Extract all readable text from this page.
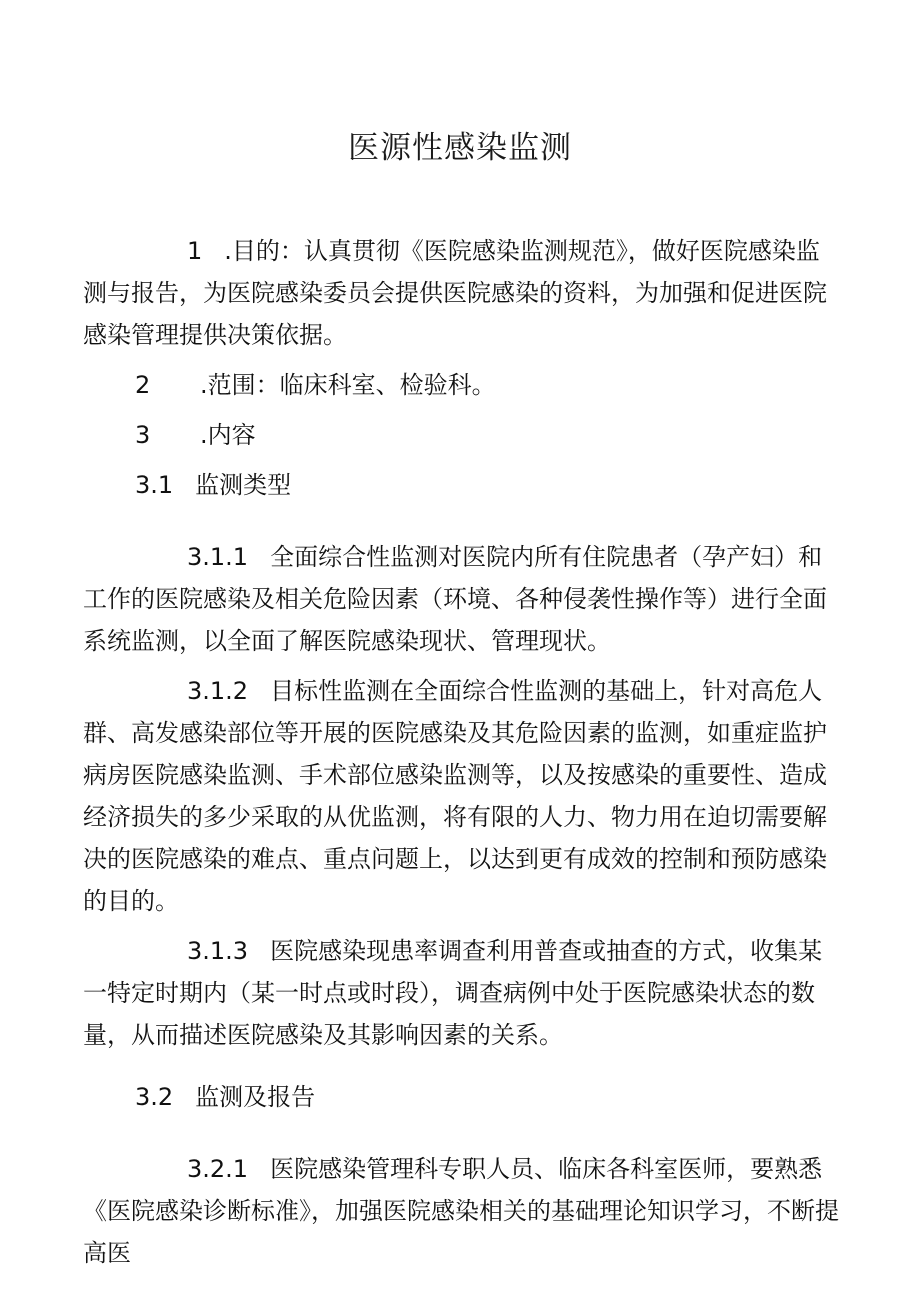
医源性感染监测

1 .目的：认真贯彻《医院感染监测规范》，做好医院感染监测与报告，为医院感染委员会提供医院感染的资料，为加强和促进医院感染管理提供决策依据。

2 .范围：临床科室、检验科。

3 .内容

3.1 监测类型

3.1.1 全面综合性监测对医院内所有住院患者（孕产妇）和工作的医院感染及相关危险因素（环境、各种侵袭性操作等）进行全面系统监测，以全面了解医院感染现状、管理现状。

3.1.2 目标性监测在全面综合性监测的基础上，针对高危人群、高发感染部位等开展的医院感染及其危险因素的监测，如重症监护病房医院感染监测、手术部位感染监测等，以及按感染的重要性、造成经济损失的多少采取的从优监测，将有限的人力、物力用在迫切需要解决的医院感染的难点、重点问题上，以达到更有成效的控制和预防感染的目的。

3.1.3 医院感染现患率调查利用普查或抽查的方式，收集某一特定时期内（某一时点或时段），调查病例中处于医院感染状态的数量，从而描述医院感染及其影响因素的关系。

3.2 监测及报告

3.2.1 医院感染管理科专职人员、临床各科室医师，要熟悉《医院感染诊断标准》，加强医院感染相关的基础理论知识学习，不断提高医
